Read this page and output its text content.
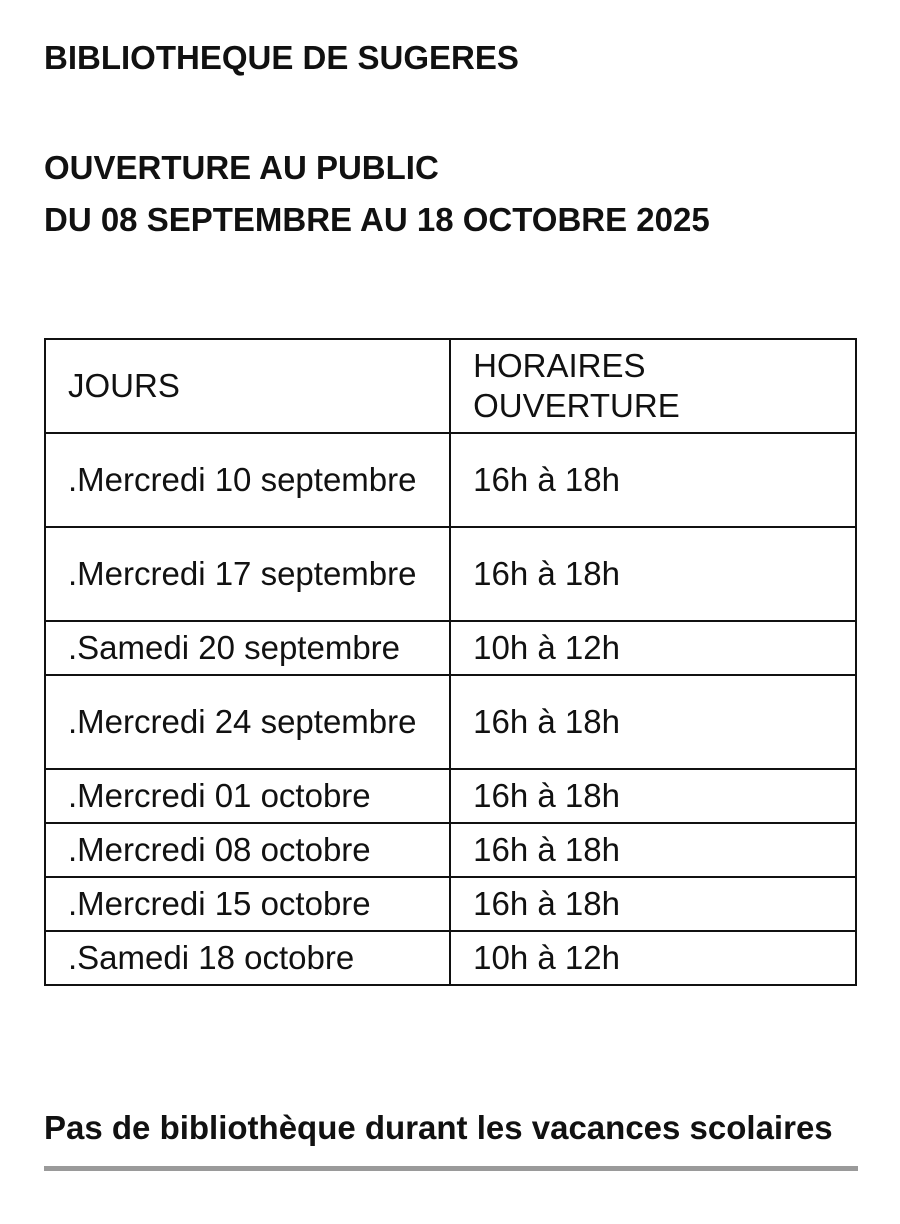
BIBLIOTHEQUE DE SUGERES
OUVERTURE AU PUBLIC
DU 08 SEPTEMBRE AU 18 OCTOBRE 2025
JOURS	HORAIRES
OUVERTURE
.Mercredi 10 septembre	16h à 18h
.Mercredi 17 septembre	16h à 18h
.Samedi 20 septembre	10h à 12h
.Mercredi 24 septembre	16h à 18h
.Mercredi 01 octobre	16h à 18h
.Mercredi 08 octobre	16h à 18h
.Mercredi 15 octobre	16h à 18h
.Samedi 18 octobre	10h à 12h

Pas de bibliothèque durant les vacances scolaires
